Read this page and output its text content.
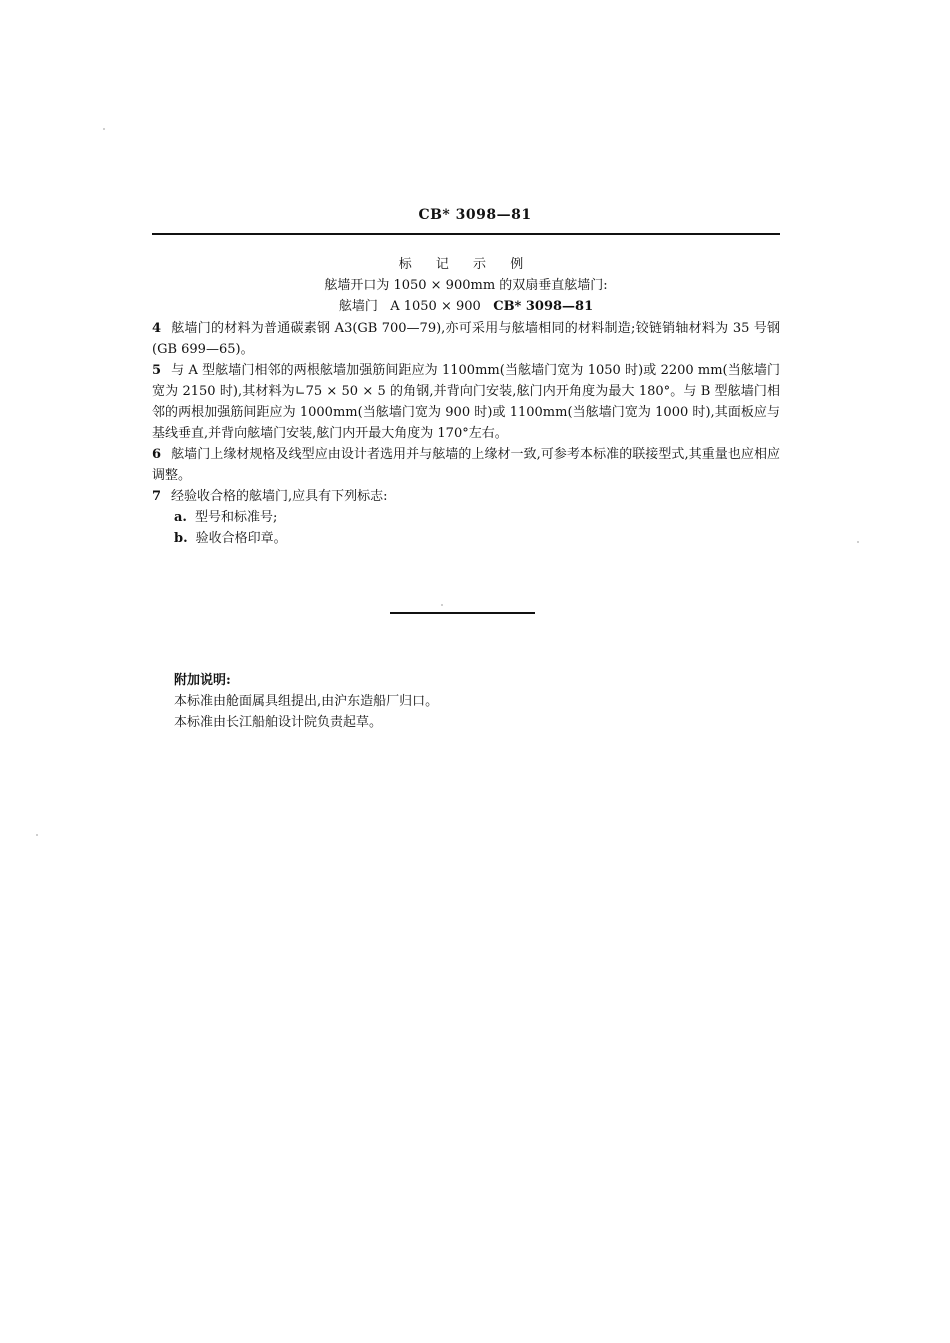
CB* 3098—81
标 记 示 例
舷墙开口为 1050 × 900mm 的双扇垂直舷墙门:
舷墙门   A 1050 × 900 CB* 3098—81
4 舷墙门的材料为普通碳素钢 A3(GB 700—79),亦可采用与舷墙相同的材料制造;铰链销轴材料为 35 号钢(GB 699—65)。
5 与 A 型舷墙门相邻的两根舷墙加强筋间距应为 1100mm(当舷墙门宽为 1050 时)或 2200 mm(当舷墙门宽为 2150 时),其材料为∟75 × 50 × 5 的角钢,并背向门安装,舷门内开角度为最大 180°。与 B 型舷墙门相邻的两根加强筋间距应为 1000mm(当舷墙门宽为 900 时)或 1100mm(当舷墙门宽为 1000 时),其面板应与基线垂直,并背向舷墙门安装,舷门内开最大角度为 170°左右。
6 舷墙门上缘材规格及线型应由设计者选用并与舷墙的上缘材一致,可参考本标准的联接型式,其重量也应相应调整。
7 经验收合格的舷墙门,应具有下列标志:
a. 型号和标准号;
b. 验收合格印章。
附加说明:
本标准由舱面属具组提出,由沪东造船厂归口。
本标准由长江船舶设计院负责起草。
